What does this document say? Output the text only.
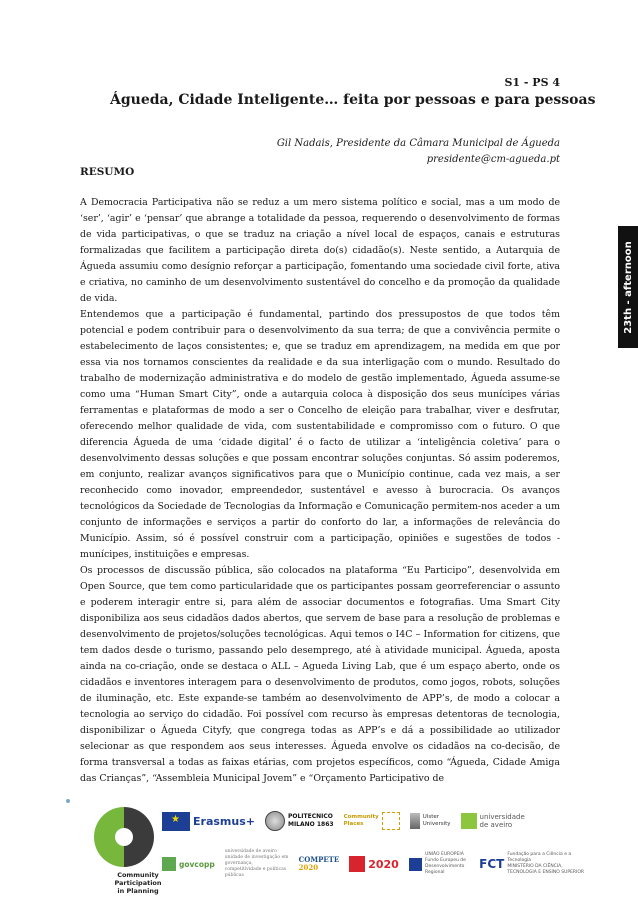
S1 - PS 4
Águeda, Cidade Inteligente… feita por pessoas e para pessoas
Gil Nadais, Presidente da Câmara Municipal de Águeda
presidente@cm-agueda.pt
RESUMO

A Democracia Participativa não se reduz a um mero sistema político e social, mas a um modo de ‘ser’, ‘agir’ e ‘pensar’ que abrange a totalidade da pessoa, requerendo o desenvolvimento de formas de vida participativas, o que se traduz na criação a nível local de espaços, canais e estruturas formalizadas que facilitem a participação direta do(s) cidadão(s). Neste sentido, a Autarquia de Águeda assumiu como desígnio reforçar a participação, fomentando uma sociedade civil forte, ativa e criativa, no caminho de um desenvolvimento sustentável do concelho e da promoção da qualidade de vida.

Entendemos que a participação é fundamental, partindo dos pressupostos de que todos têm potencial e podem contribuir para o desenvolvimento da sua terra; de que a convivência permite o estabelecimento de laços consistentes; e, que se traduz em aprendizagem, na medida em que por essa via nos tornamos conscientes da realidade e da sua interligação com o mundo. Resultado do trabalho de modernização administrativa e do modelo de gestão implementado, Águeda assume-se como uma “Human Smart City”, onde a autarquia coloca à disposição dos seus munícipes várias ferramentas e plataformas de modo a ser o Concelho de eleição para trabalhar, viver e desfrutar, oferecendo melhor qualidade de vida, com sustentabilidade e compromisso com o futuro. O que diferencia Águeda de uma ‘cidade digital’ é o facto de utilizar a ‘inteligência coletiva’ para o desenvolvimento dessas soluções e que possam encontrar soluções conjuntas. Só assim poderemos, em conjunto, realizar avanços significativos para que o Município continue, cada vez mais, a ser reconhecido como inovador, empreendedor, sustentável e avesso à burocracia. Os avanços tecnológicos da Sociedade de Tecnologias da Informação e Comunicação permitem-nos aceder a um conjunto de informações e serviços a partir do conforto do lar, a informações de relevância do Município. Assim, só é possível construir com a participação, opiniões e sugestões de todos - munícipes, instituições e empresas.

Os processos de discussão pública, são colocados na plataforma “Eu Participo”, desenvolvida em Open Source, que tem como particularidade que os participantes possam georreferenciar o assunto e poderem interagir entre si, para além de associar documentos e fotografias. Uma Smart City disponibiliza aos seus cidadãos dados abertos, que servem de base para a resolução de problemas e desenvolvimento de projetos/soluções tecnológicas. Aqui temos o I4C – Information for citizens, que tem dados desde o turismo, passando pelo desemprego, até à atividade municipal. Águeda, aposta ainda na co-criação, onde se destaca o ALL – Agueda Living Lab, que é um espaço aberto, onde os cidadãos e inventores interagem para o desenvolvimento de produtos, como jogos, robots, soluções de iluminação, etc. Este expande-se também ao desenvolvimento de APP’s, de modo a colocar a tecnologia ao serviço do cidadão. Foi possível com recurso às empresas detentoras de tecnologia, disponibilizar o Águeda Cityfy, que congrega todas as APP’s e dá a possibilidade ao utilizador selecionar as que respondem aos seus interesses. Águeda envolve os cidadãos na co-decisão, de forma transversal a todas as faixas etárias, com projetos específicos, como “Águeda, Cidade Amiga das Crianças”, “Assembleia Municipal Jovem” e “Orçamento Participativo de

23th - afternoon
Community
Participation
in Planning
★
Erasmus+	POLITECNICO
MILANO 1863
Community
Places
Ulster
University
universidade
de aveiro
govcopp
universidade de aveiro
unidade de investigação em governança,
competitividade e políticas públicas
COMPETE
2020	2020
UNIÃO EUROPEIA
Fundo Europeu de
Desenvolvimento Regional
FCT
Fundação para a Ciência e a Tecnologia
MINISTÉRIO DA CIÊNCIA, TECNOLOGIA E ENSINO SUPERIOR
